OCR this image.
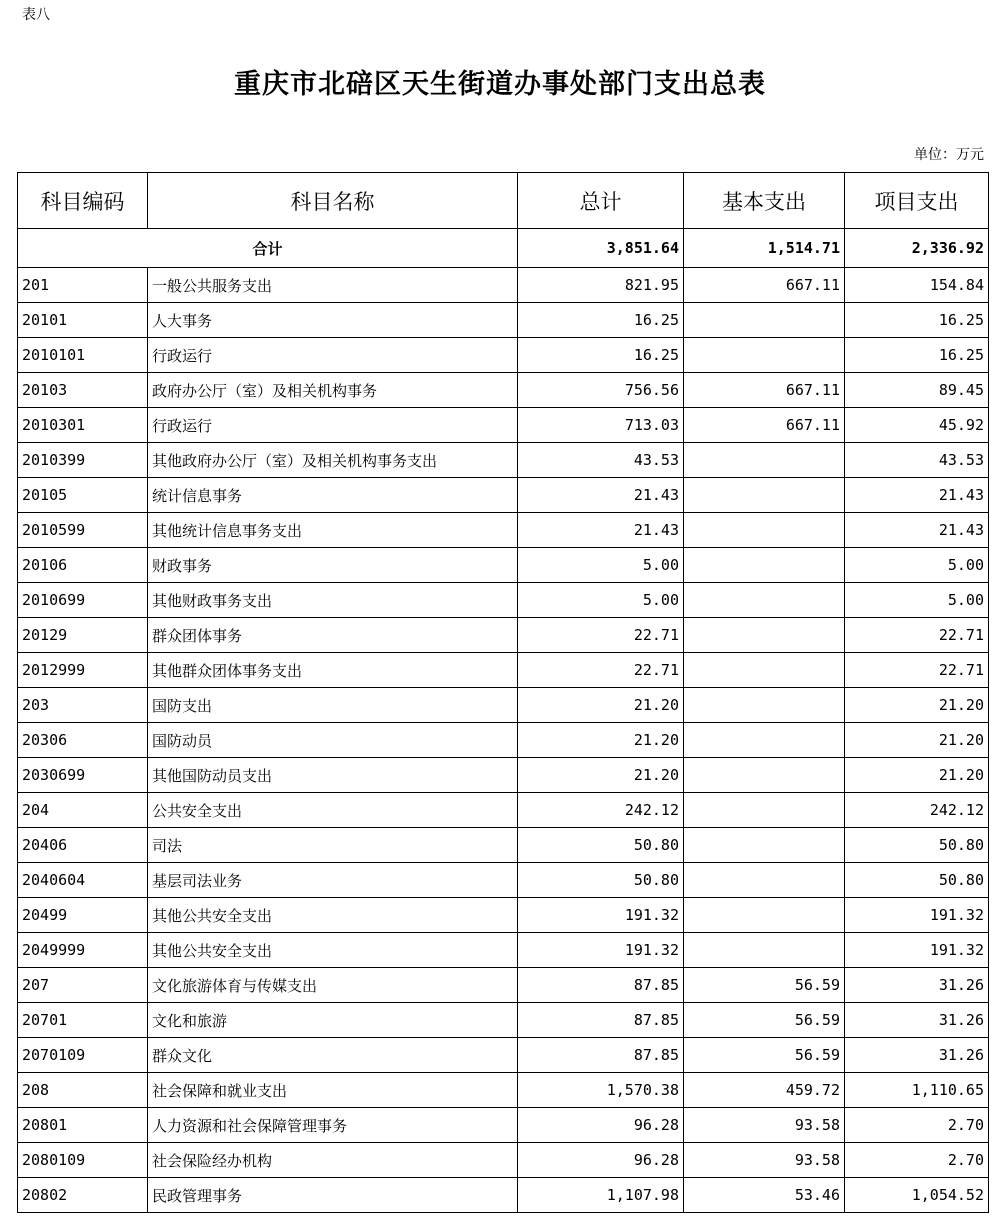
表八
重庆市北碚区天生街道办事处部门支出总表
单位：万元
科目编码	科目名称	总计	基本支出	项目支出
合计		3,851.64	1,514.71	2,336.92
201	一般公共服务支出	821.95	667.11	154.84
20101	人大事务	16.25		16.25
2010101	行政运行	16.25		16.25
20103	政府办公厅（室）及相关机构事务	756.56	667.11	89.45
2010301	行政运行	713.03	667.11	45.92
2010399	其他政府办公厅（室）及相关机构事务支出	43.53		43.53
20105	统计信息事务	21.43		21.43
2010599	其他统计信息事务支出	21.43		21.43
20106	财政事务	5.00		5.00
2010699	其他财政事务支出	5.00		5.00
20129	群众团体事务	22.71		22.71
2012999	其他群众团体事务支出	22.71		22.71
203	国防支出	21.20		21.20
20306	国防动员	21.20		21.20
2030699	其他国防动员支出	21.20		21.20
204	公共安全支出	242.12		242.12
20406	司法	50.80		50.80
2040604	基层司法业务	50.80		50.80
20499	其他公共安全支出	191.32		191.32
2049999	其他公共安全支出	191.32		191.32
207	文化旅游体育与传媒支出	87.85	56.59	31.26
20701	文化和旅游	87.85	56.59	31.26
2070109	群众文化	87.85	56.59	31.26
208	社会保障和就业支出	1,570.38	459.72	1,110.65
20801	人力资源和社会保障管理事务	96.28	93.58	2.70
2080109	社会保险经办机构	96.28	93.58	2.70
20802	民政管理事务	1,107.98	53.46	1,054.52
